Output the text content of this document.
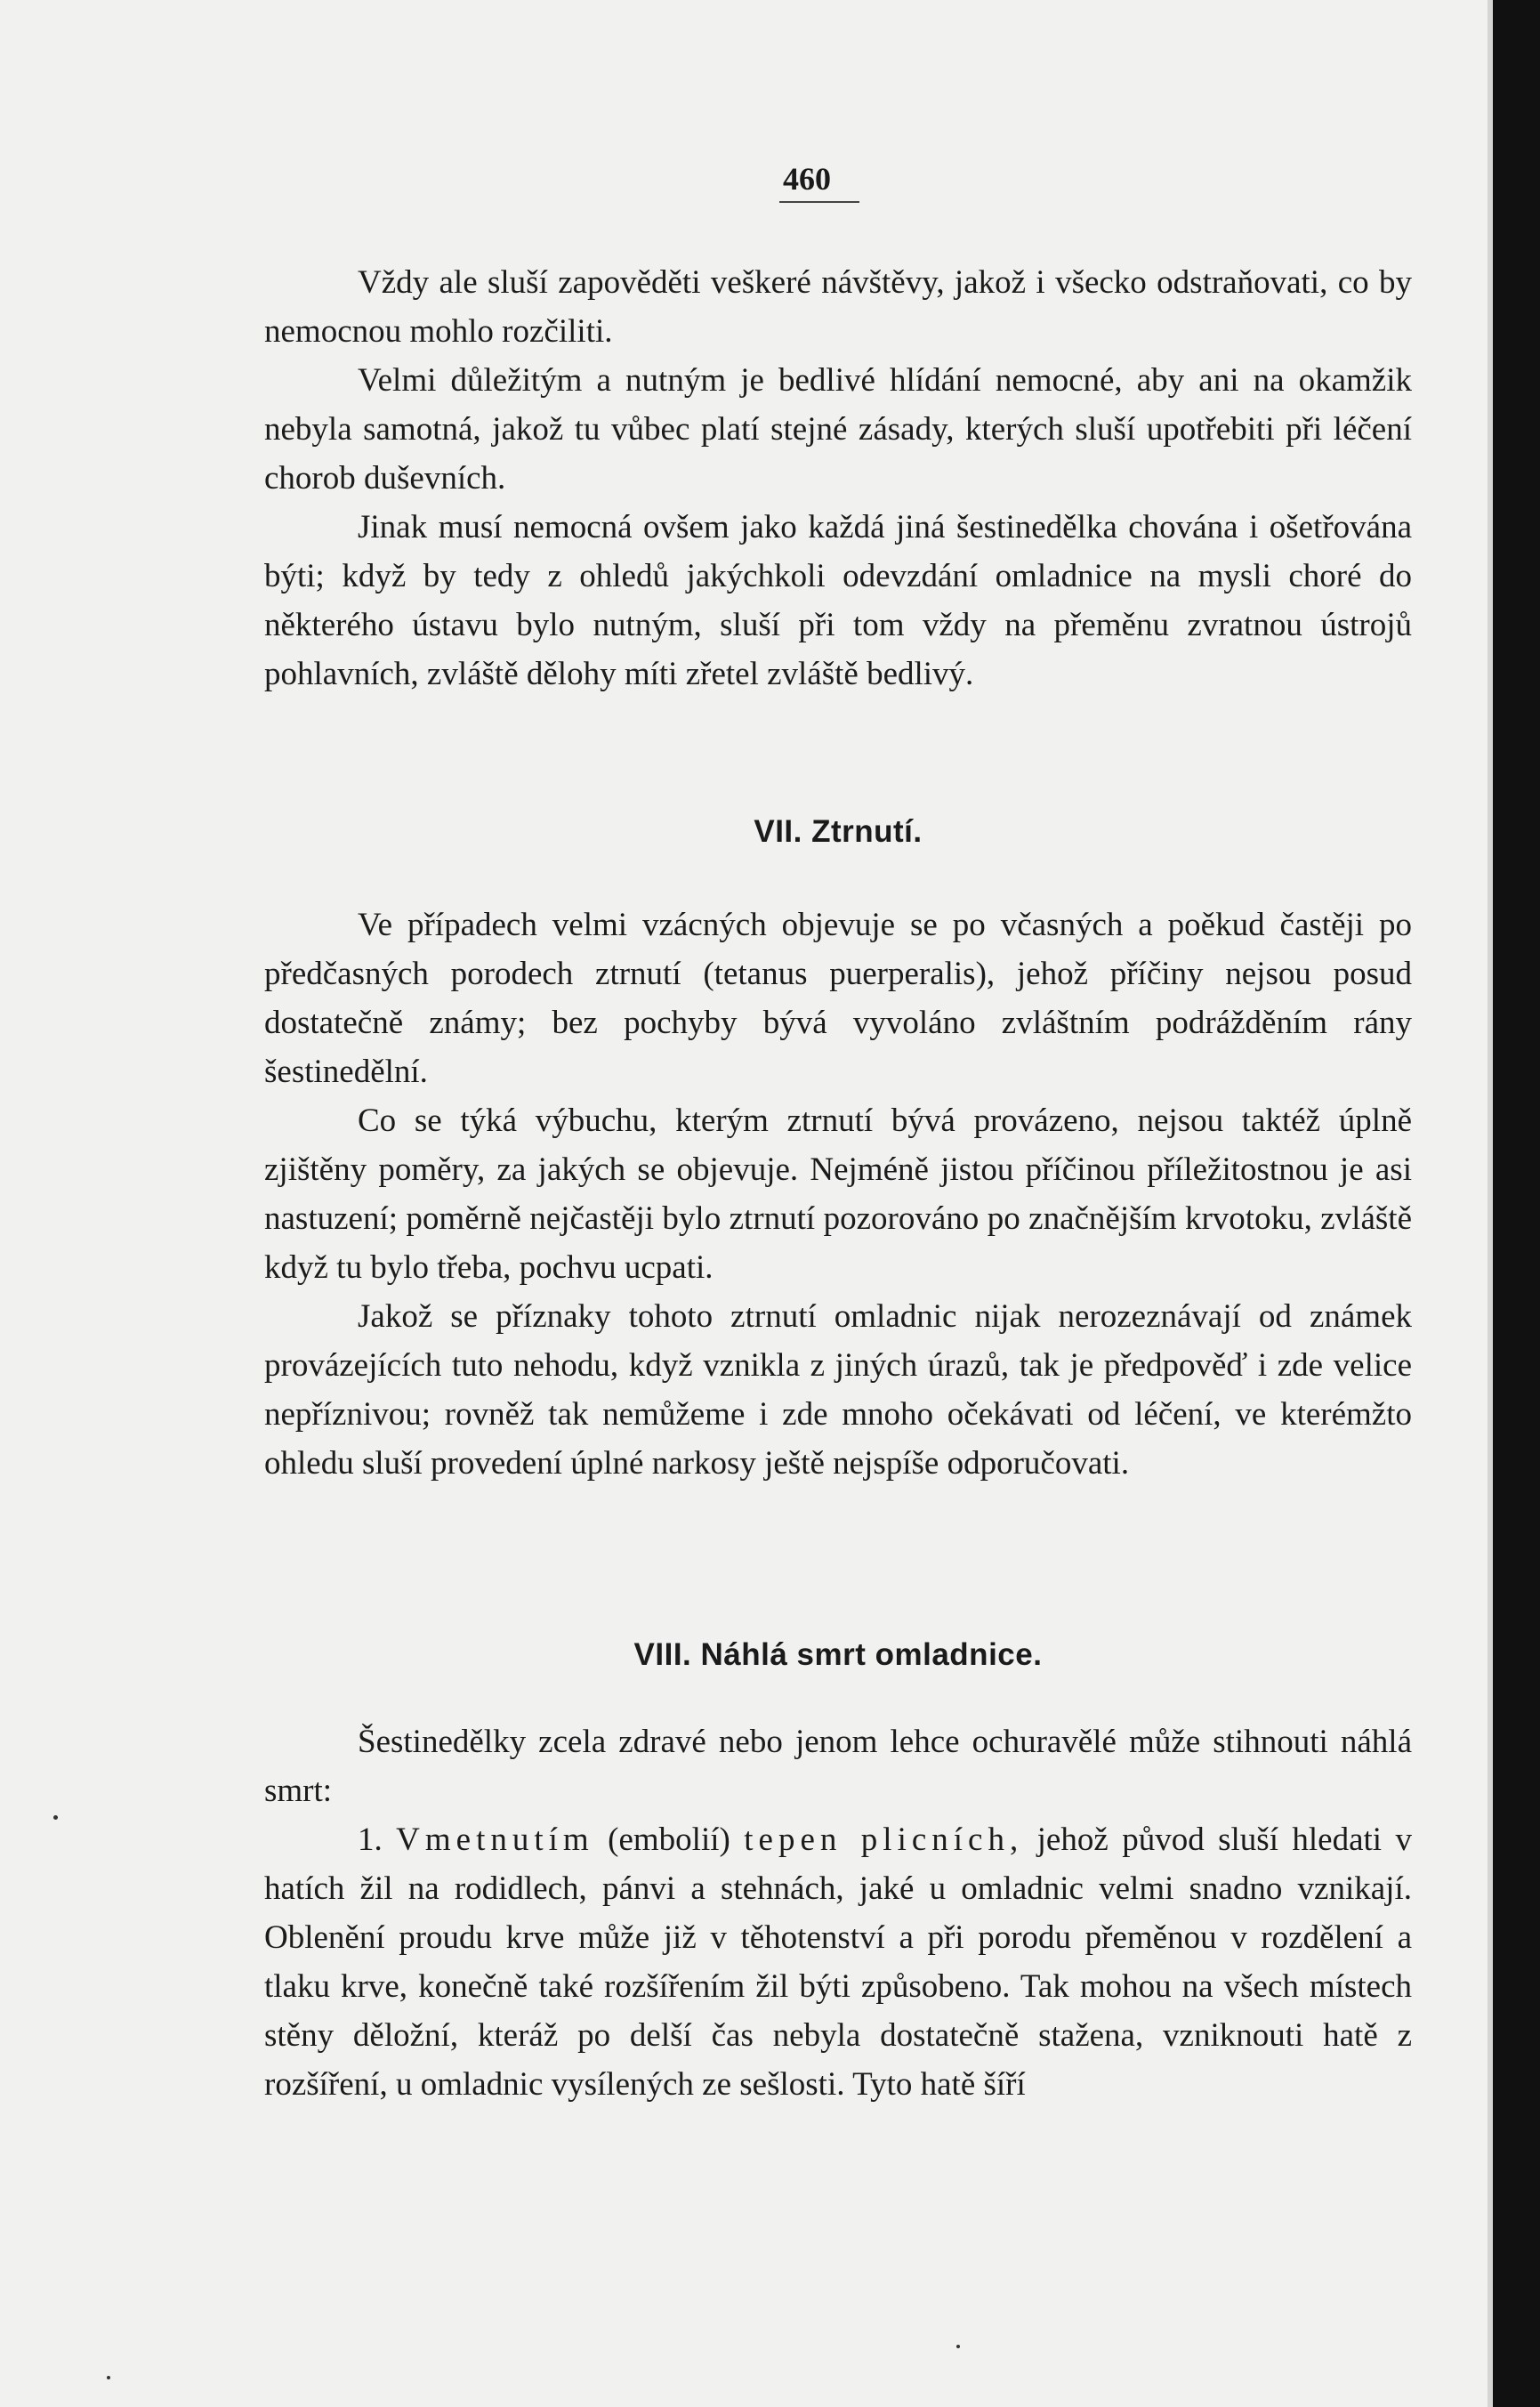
460

Vždy ale sluší zapověděti veškeré návštěvy, jakož i všecko odstraňovati, co by nemocnou mohlo rozčiliti.

Velmi důležitým a nutným je bedlivé hlídání nemocné, aby ani na okamžik nebyla samotná, jakož tu vůbec platí stejné zásady, kterých sluší upotřebiti při léčení chorob duševních.

Jinak musí nemocná ovšem jako každá jiná šestinedělka chována i ošetřována býti; když by tedy z ohledů jakýchkoli odevzdání omladnice na mysli choré do některého ústavu bylo nutným, sluší při tom vždy na přeměnu zvratnou ústrojů pohlavních, zvláště dělohy míti zřetel zvláště bedlivý.

VII. Ztrnutí.

Ve případech velmi vzácných objevuje se po včasných a poěkud častěji po předčasných porodech ztrnutí (tetanus puerperalis), jehož příčiny nejsou posud dostatečně známy; bez pochyby bývá vyvoláno zvláštním podrážděním rány šestinedělní.

Co se týká výbuchu, kterým ztrnutí bývá provázeno, nejsou taktéž úplně zjištěny poměry, za jakých se objevuje. Nejméně jistou příčinou příležitostnou je asi nastuzení; poměrně nejčastěji bylo ztrnutí pozorováno po značnějším krvotoku, zvláště když tu bylo třeba, pochvu ucpati.

Jakož se příznaky tohoto ztrnutí omladnic nijak nerozeznávají od známek provázejících tuto nehodu, když vznikla z jiných úrazů, tak je předpověď i zde velice nepříznivou; rovněž tak nemůžeme i zde mnoho očekávati od léčení, ve kterémžto ohledu sluší provedení úplné narkosy ještě nejspíše odporučovati.

VIII. Náhlá smrt omladnice.

Šestinedělky zcela zdravé nebo jenom lehce ochuravělé může stihnouti náhlá smrt:

1. Vmetnutím (embolií) tepen plicních, jehož původ sluší hledati v hatích žil na rodidlech, pánvi a stehnách, jaké u omladnic velmi snadno vznikají. Oblenění proudu krve může již v těhotenství a při porodu přeměnou v rozdělení a tlaku krve, konečně také rozšířením žil býti způsobeno. Tak mohou na všech místech stěny děložní, kteráž po delší čas nebyla dostatečně stažena, vzniknouti hatě z rozšíření, u omladnic vysílených ze sešlosti. Tyto hatě šíří
